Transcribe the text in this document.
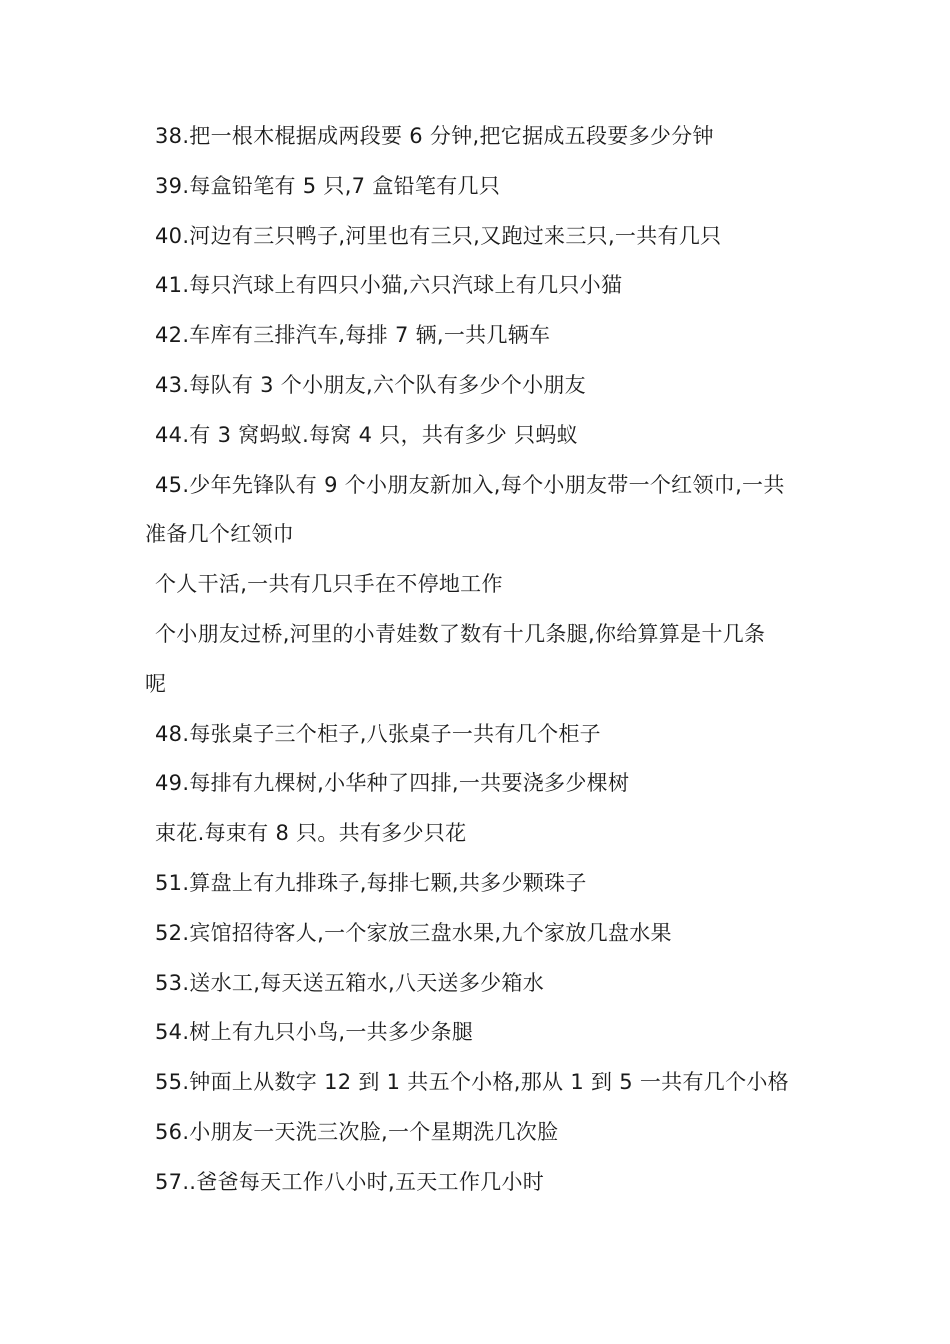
38.把一根木棍据成两段要 6 分钟,把它据成五段要多少分钟
39.每盒铅笔有 5 只,7 盒铅笔有几只
40.河边有三只鸭子,河里也有三只,又跑过来三只,一共有几只
41.每只汽球上有四只小猫,六只汽球上有几只小猫
42.车库有三排汽车,每排 7 辆,一共几辆车
43.每队有 3 个小朋友,六个队有多少个小朋友
44.有 3 窝蚂蚁.每窝 4 只，共有多少 只蚂蚁
45.少年先锋队有 9 个小朋友新加入,每个小朋友带一个红领巾,一共
准备几个红领巾
个人干活,一共有几只手在不停地工作
个小朋友过桥,河里的小青娃数了数有十几条腿,你给算算是十几条
呢
48.每张桌子三个柜子,八张桌子一共有几个柜子
49.每排有九棵树,小华种了四排,一共要浇多少棵树
束花.每束有 8 只。共有多少只花
51.算盘上有九排珠子,每排七颗,共多少颗珠子
52.宾馆招待客人,一个家放三盘水果,九个家放几盘水果
53.送水工,每天送五箱水,八天送多少箱水
54.树上有九只小鸟,一共多少条腿
55.钟面上从数字 12 到 1 共五个小格,那从 1 到 5 一共有几个小格
56.小朋友一天洗三次脸,一个星期洗几次脸
57..爸爸每天工作八小时,五天工作几小时
